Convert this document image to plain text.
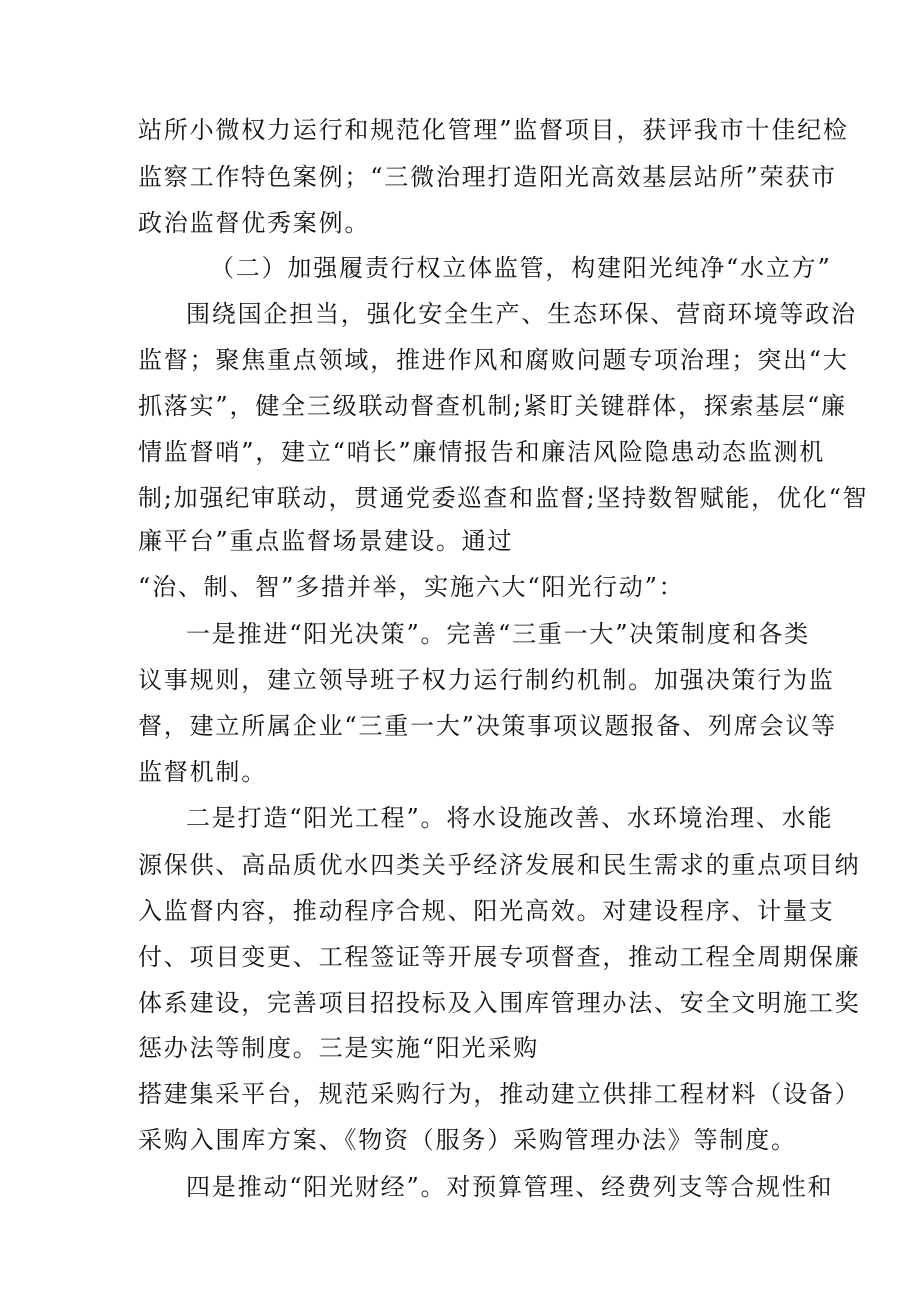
站所小微权力运行和规范化管理”监督项目，获评我市十佳纪检
监察工作特色案例；“三微治理打造阳光高效基层站所”荣获市
政治监督优秀案例。
（二）加强履责行权立体监管，构建阳光纯净“水立方”
围绕国企担当，强化安全生产、生态环保、营商环境等政治
监督；聚焦重点领域，推进作风和腐败问题专项治理；突出“大
抓落实”，健全三级联动督查机制;紧盯关键群体，探索基层“廉
情监督哨”，建立“哨长”廉情报告和廉洁风险隐患动态监测机
制;加强纪审联动，贯通党委巡查和监督;坚持数智赋能，优化“智
廉平台”重点监督场景建设。通过
“治、制、智”多措并举，实施六大“阳光行动”：
一是推进“阳光决策”。完善“三重一大”决策制度和各类
议事规则，建立领导班子权力运行制约机制。加强决策行为监
督，建立所属企业“三重一大”决策事项议题报备、列席会议等
监督机制。
二是打造“阳光工程”。将水设施改善、水环境治理、水能
源保供、高品质优水四类关乎经济发展和民生需求的重点项目纳
入监督内容，推动程序合规、阳光高效。对建设程序、计量支
付、项目变更、工程签证等开展专项督查，推动工程全周期保廉
体系建设，完善项目招投标及入围库管理办法、安全文明施工奖
惩办法等制度。三是实施“阳光采购
搭建集采平台，规范采购行为，推动建立供排工程材料（设备）
采购入围库方案、《物资（服务）采购管理办法》等制度。
四是推动“阳光财经”。对预算管理、经费列支等合规性和
